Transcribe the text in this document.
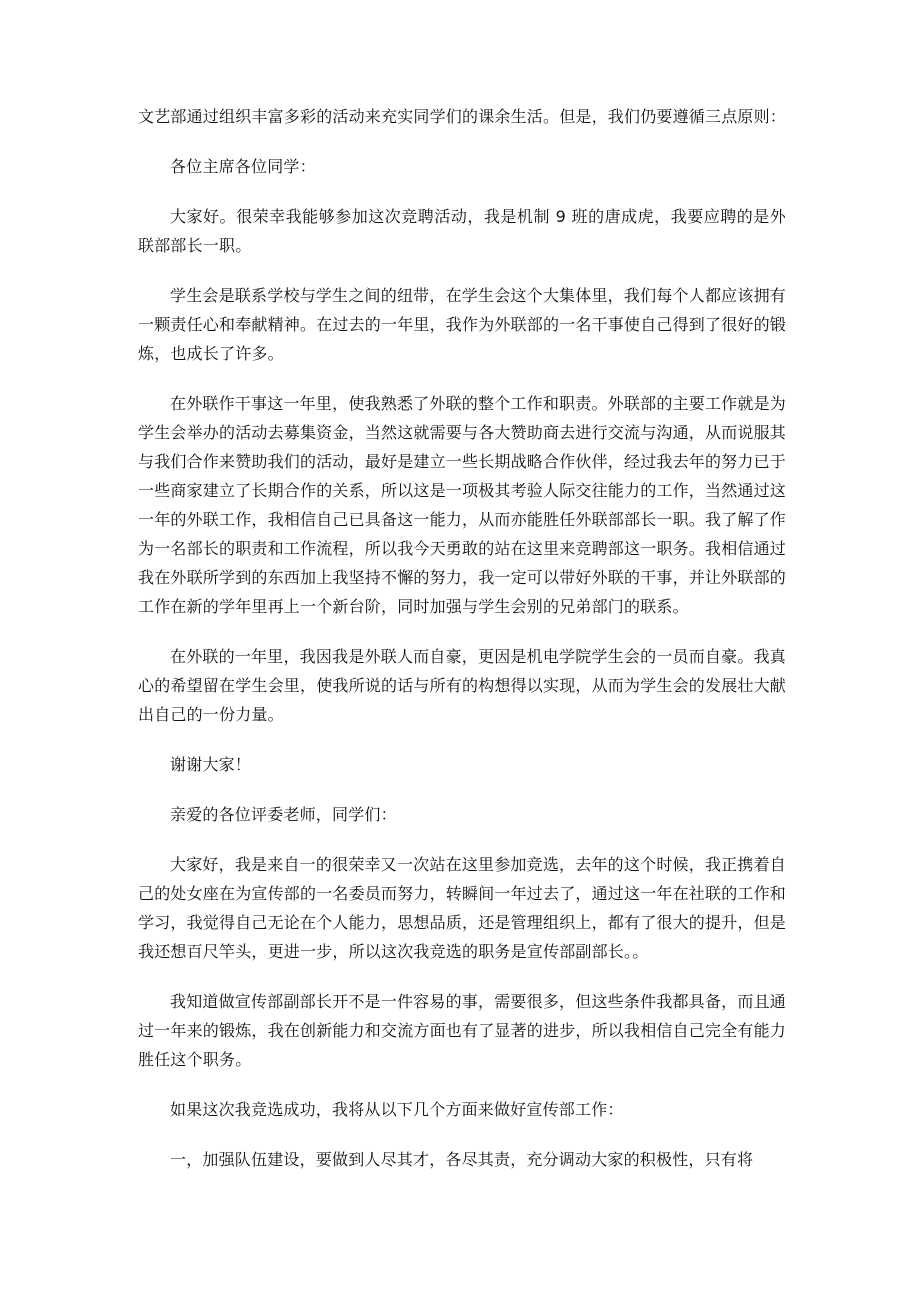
文艺部通过组织丰富多彩的活动来充实同学们的课余生活。但是，我们仍要遵循三点原则：

各位主席各位同学：

大家好。很荣幸我能够参加这次竞聘活动，我是机制 9 班的唐成虎，我要应聘的是外联部部长一职。

学生会是联系学校与学生之间的纽带，在学生会这个大集体里，我们每个人都应该拥有一颗责任心和奉献精神。在过去的一年里，我作为外联部的一名干事使自己得到了很好的锻炼，也成长了许多。

在外联作干事这一年里，使我熟悉了外联的整个工作和职责。外联部的主要工作就是为学生会举办的活动去募集资金，当然这就需要与各大赞助商去进行交流与沟通，从而说服其与我们合作来赞助我们的活动，最好是建立一些长期战略合作伙伴，经过我去年的努力已于一些商家建立了长期合作的关系，所以这是一项极其考验人际交往能力的工作，当然通过这一年的外联工作，我相信自己已具备这一能力，从而亦能胜任外联部部长一职。我了解了作为一名部长的职责和工作流程，所以我今天勇敢的站在这里来竞聘部这一职务。我相信通过我在外联所学到的东西加上我坚持不懈的努力，我一定可以带好外联的干事，并让外联部的工作在新的学年里再上一个新台阶，同时加强与学生会别的兄弟部门的联系。

在外联的一年里，我因我是外联人而自豪，更因是机电学院学生会的一员而自豪。我真心的希望留在学生会里，使我所说的话与所有的构想得以实现，从而为学生会的发展壮大献出自己的一份力量。

谢谢大家！

亲爱的各位评委老师，同学们：

大家好，我是来自一的很荣幸又一次站在这里参加竞选，去年的这个时候，我正携着自己的处女座在为宣传部的一名委员而努力，转瞬间一年过去了，通过这一年在社联的工作和学习，我觉得自己无论在个人能力，思想品质，还是管理组织上，都有了很大的提升，但是我还想百尺竿头，更进一步，所以这次我竞选的职务是宣传部副部长。。

我知道做宣传部副部长开不是一件容易的事，需要很多，但这些条件我都具备，而且通过一年来的锻炼，我在创新能力和交流方面也有了显著的进步，所以我相信自己完全有能力胜任这个职务。

如果这次我竞选成功，我将从以下几个方面来做好宣传部工作：

一，加强队伍建设，要做到人尽其才，各尽其责，充分调动大家的积极性，只有将
